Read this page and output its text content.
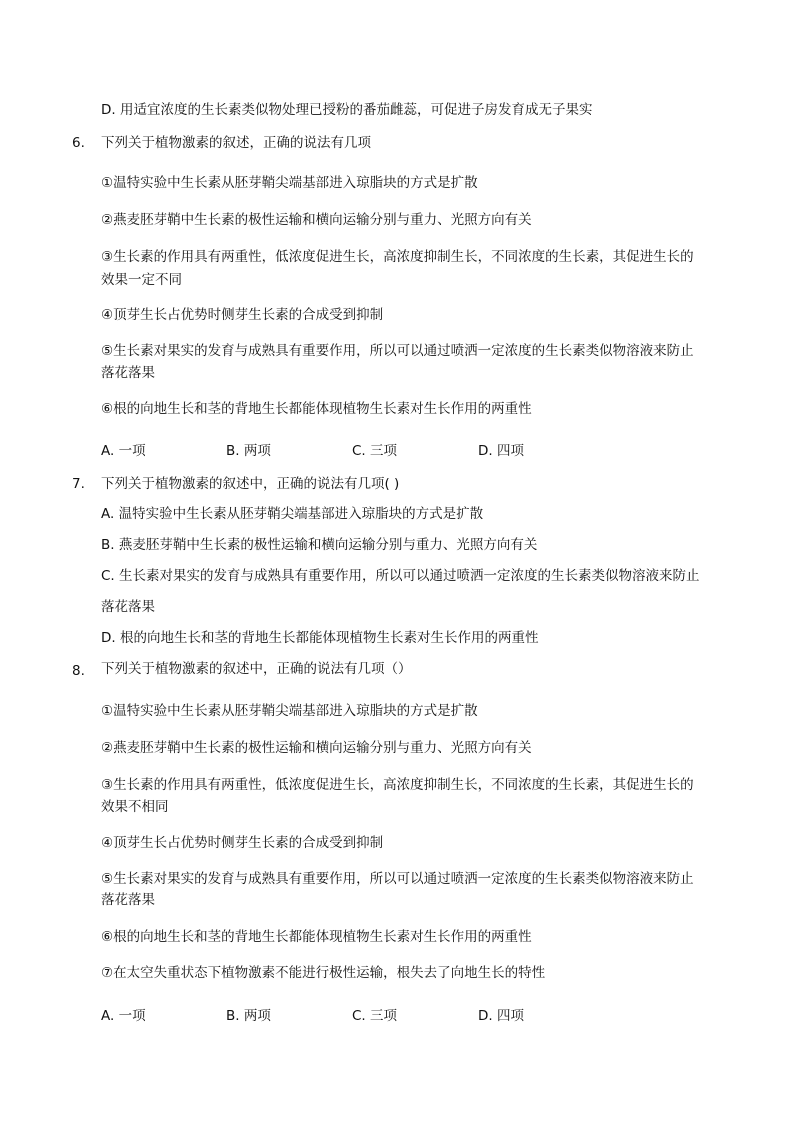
D. 用适宜浓度的生长素类似物处理已授粉的番茄雌蕊，可促进子房发育成无子果实
6. 下列关于植物激素的叙述，正确的说法有几项
①温特实验中生长素从胚芽鞘尖端基部进入琼脂块的方式是扩散
②燕麦胚芽鞘中生长素的极性运输和横向运输分别与重力、光照方向有关
③生长素的作用具有两重性，低浓度促进生长，高浓度抑制生长，不同浓度的生长素，其促进生长的
效果一定不同
④顶芽生长占优势时侧芽生长素的合成受到抑制
⑤生长素对果实的发育与成熟具有重要作用，所以可以通过喷洒一定浓度的生长素类似物溶液来防止
落花落果
⑥根的向地生长和茎的背地生长都能体现植物生长素对生长作用的两重性
A. 一项	B. 两项	C. 三项	D. 四项
7. 下列关于植物激素的叙述中，正确的说法有几项( )
A. 温特实验中生长素从胚芽鞘尖端基部进入琼脂块的方式是扩散
B. 燕麦胚芽鞘中生长素的极性运输和横向运输分别与重力、光照方向有关
C. 生长素对果实的发育与成熟具有重要作用，所以可以通过喷洒一定浓度的生长素类似物溶液来防止
落花落果
D. 根的向地生长和茎的背地生长都能体现植物生长素对生长作用的两重性
8. 下列关于植物激素的叙述中，正确的说法有几项（）
①温特实验中生长素从胚芽鞘尖端基部进入琼脂块的方式是扩散
②燕麦胚芽鞘中生长素的极性运输和横向运输分别与重力、光照方向有关
③生长素的作用具有两重性，低浓度促进生长，高浓度抑制生长，不同浓度的生长素，其促进生长的
效果不相同
④顶芽生长占优势时侧芽生长素的合成受到抑制
⑤生长素对果实的发育与成熟具有重要作用，所以可以通过喷洒一定浓度的生长素类似物溶液来防止
落花落果
⑥根的向地生长和茎的背地生长都能体现植物生长素对生长作用的两重性
⑦在太空失重状态下植物激素不能进行极性运输，根失去了向地生长的特性
A. 一项	B. 两项	C. 三项	D. 四项
